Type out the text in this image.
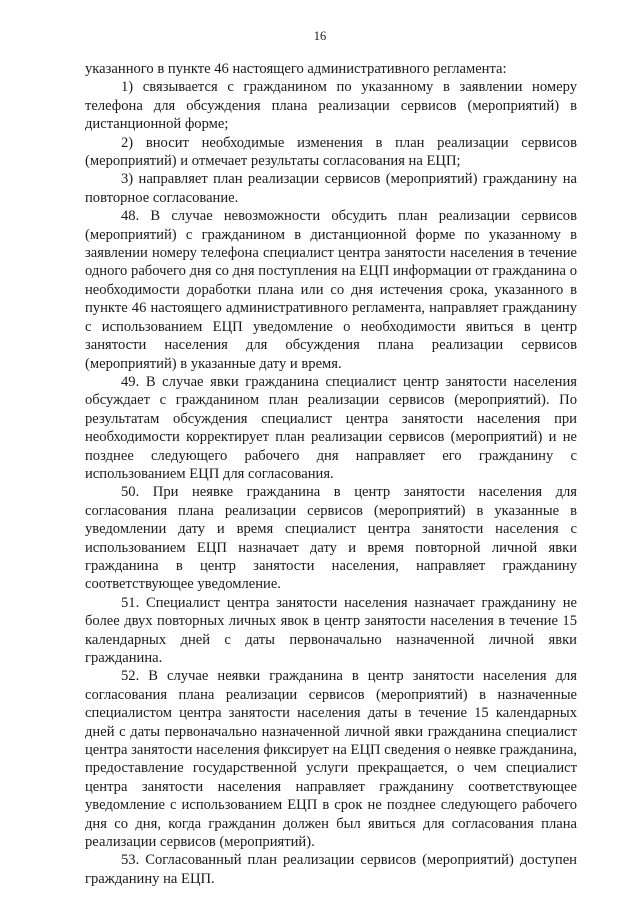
16

указанного в пункте 46 настоящего административного регламента:

1) связывается с гражданином по указанному в заявлении номеру телефона для обсуждения плана реализации сервисов (мероприятий) в дистанционной форме;

2) вносит необходимые изменения в план реализации сервисов (мероприятий) и отмечает результаты согласования на ЕЦП;

3) направляет план реализации сервисов (мероприятий) гражданину на повторное согласование.

48. В случае невозможности обсудить план реализации сервисов (мероприятий) с гражданином в дистанционной форме по указанному в заявлении номеру телефона специалист центра занятости населения в течение одного рабочего дня со дня поступления на ЕЦП информации от гражданина о необходимости доработки плана или со дня истечения срока, указанного в пункте 46 настоящего административного регламента, направляет гражданину с использованием ЕЦП уведомление о необходимости явиться в центр занятости населения для обсуждения плана реализации сервисов (мероприятий) в указанные дату и время.

49. В случае явки гражданина специалист центр занятости населения обсуждает с гражданином план реализации сервисов (мероприятий). По результатам обсуждения специалист центра занятости населения при необходимости корректирует план реализации сервисов (мероприятий) и не позднее следующего рабочего дня направляет его гражданину с использованием ЕЦП для согласования.

50. При неявке гражданина в центр занятости населения для согласования плана реализации сервисов (мероприятий) в указанные в уведомлении дату и время специалист центра занятости населения с использованием ЕЦП назначает дату и время повторной личной явки гражданина в центр занятости населения, направляет гражданину соответствующее уведомление.

51. Специалист центра занятости населения назначает гражданину не более двух повторных личных явок в центр занятости населения в течение 15 календарных дней с даты первоначально назначенной личной явки гражданина.

52. В случае неявки гражданина в центр занятости населения для согласования плана реализации сервисов (мероприятий) в назначенные специалистом центра занятости населения даты в течение 15 календарных дней с даты первоначально назначенной личной явки гражданина специалист центра занятости населения фиксирует на ЕЦП сведения о неявке гражданина, предоставление государственной услуги прекращается, о чем специалист центра занятости населения направляет гражданину соответствующее уведомление с использованием ЕЦП в срок не позднее следующего рабочего дня со дня, когда гражданин должен был явиться для согласования плана реализации сервисов (мероприятий).

53. Согласованный план реализации сервисов (мероприятий) доступен гражданину на ЕЦП.
